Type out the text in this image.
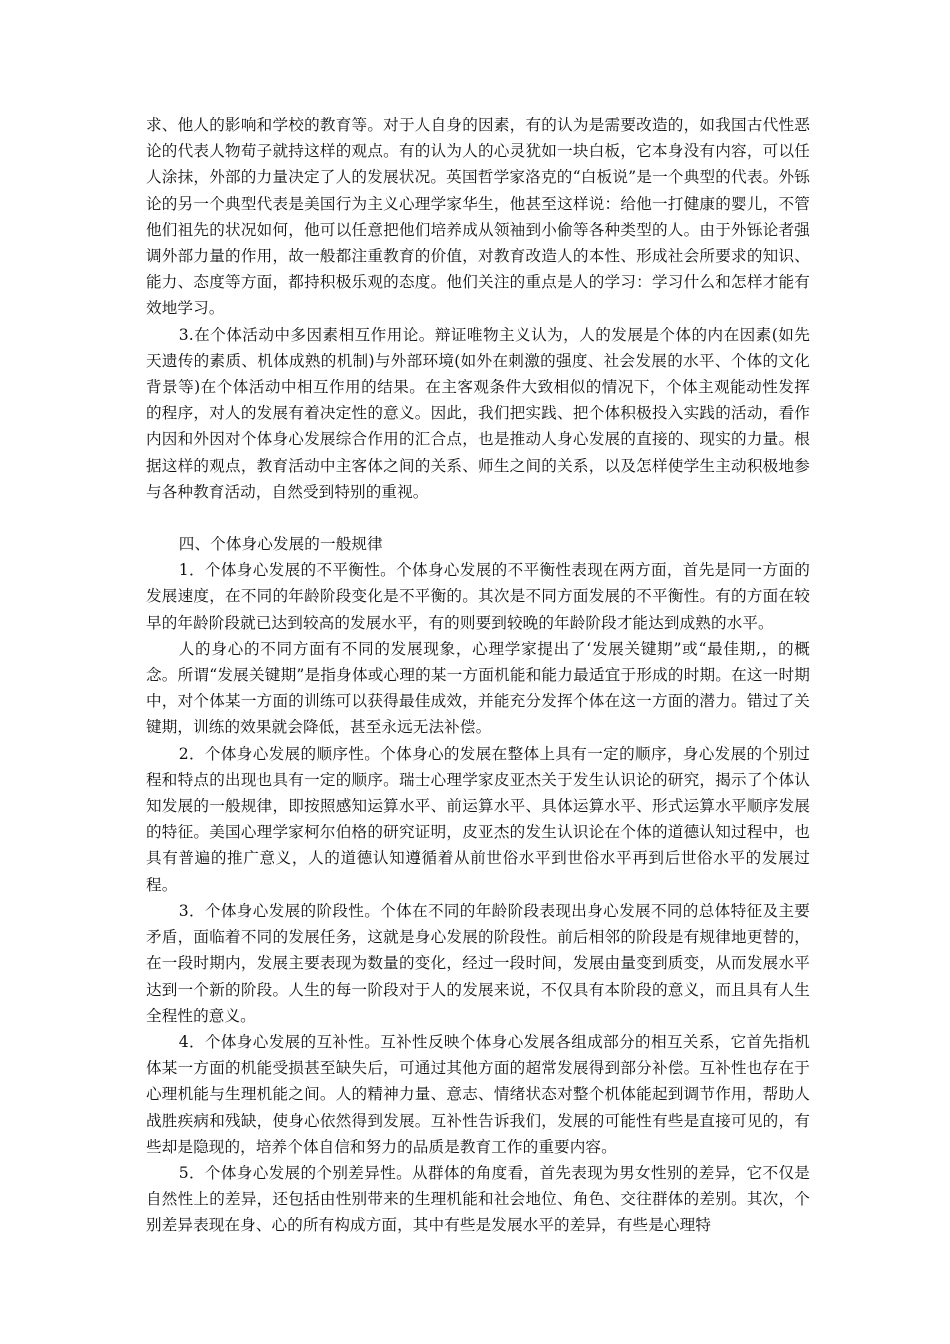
求、他人的影响和学校的教育等。对于人自身的因素，有的认为是需要改造的，如我国古代性恶论的代表人物荀子就持这样的观点。有的认为人的心灵犹如一块白板，它本身没有内容，可以任人涂抹，外部的力量决定了人的发展状况。英国哲学家洛克的“白板说”是一个典型的代表。外铄论的另一个典型代表是美国行为主义心理学家华生，他甚至这样说：给他一打健康的婴儿，不管他们祖先的状况如何，他可以任意把他们培养成从领袖到小偷等各种类型的人。由于外铄论者强调外部力量的作用，故一般都注重教育的价值，对教育改造人的本性、形成社会所要求的知识、能力、态度等方面，都持积极乐观的态度。他们关注的重点是人的学习：学习什么和怎样才能有效地学习。

3.在个体活动中多因素相互作用论。辩证唯物主义认为，人的发展是个体的内在因素(如先天遗传的素质、机体成熟的机制)与外部环境(如外在刺激的强度、社会发展的水平、个体的文化背景等)在个体活动中相互作用的结果。在主客观条件大致相似的情况下，个体主观能动性发挥的程序，对人的发展有着决定性的意义。因此，我们把实践、把个体积极投入实践的活动，看作内因和外因对个体身心发展综合作用的汇合点，也是推动人身心发展的直接的、现实的力量。根据这样的观点，教育活动中主客体之间的关系、师生之间的关系，以及怎样使学生主动积极地参与各种教育活动，自然受到特别的重视。

四、个体身心发展的一般规律

1．个体身心发展的不平衡性。个体身心发展的不平衡性表现在两方面，首先是同一方面的发展速度，在不同的年龄阶段变化是不平衡的。其次是不同方面发展的不平衡性。有的方面在较早的年龄阶段就已达到较高的发展水平，有的则要到较晚的年龄阶段才能达到成熟的水平。

人的身心的不同方面有不同的发展现象，心理学家提出了‘发展关键期”或“最佳期,，的概念。所谓“发展关键期”是指身体或心理的某一方面机能和能力最适宜于形成的时期。在这一时期中，对个体某一方面的训练可以获得最佳成效，并能充分发挥个体在这一方面的潜力。错过了关键期，训练的效果就会降低，甚至永远无法补偿。

2．个体身心发展的顺序性。个体身心的发展在整体上具有一定的顺序，身心发展的个别过程和特点的出现也具有一定的顺序。瑞士心理学家皮亚杰关于发生认识论的研究，揭示了个体认知发展的一般规律，即按照感知运算水平、前运算水平、具体运算水平、形式运算水平顺序发展的特征。美国心理学家柯尔伯格的研究证明，皮亚杰的发生认识论在个体的道德认知过程中，也具有普遍的推广意义，人的道德认知遵循着从前世俗水平到世俗水平再到后世俗水平的发展过程。

3．个体身心发展的阶段性。个体在不同的年龄阶段表现出身心发展不同的总体特征及主要矛盾，面临着不同的发展任务，这就是身心发展的阶段性。前后相邻的阶段是有规律地更替的，在一段时期内，发展主要表现为数量的变化，经过一段时间，发展由量变到质变，从而发展水平达到一个新的阶段。人生的每一阶段对于人的发展来说，不仅具有本阶段的意义，而且具有人生全程性的意义。

4．个体身心发展的互补性。互补性反映个体身心发展各组成部分的相互关系，它首先指机体某一方面的机能受损甚至缺失后，可通过其他方面的超常发展得到部分补偿。互补性也存在于心理机能与生理机能之间。人的精神力量、意志、情绪状态对整个机体能起到调节作用，帮助人战胜疾病和残缺，使身心依然得到发展。互补性告诉我们，发展的可能性有些是直接可见的，有些却是隐现的，培养个体自信和努力的品质是教育工作的重要内容。

5．个体身心发展的个别差异性。从群体的角度看，首先表现为男女性别的差异，它不仅是自然性上的差异，还包括由性别带来的生理机能和社会地位、角色、交往群体的差别。其次，个别差异表现在身、心的所有构成方面，其中有些是发展水平的差异，有些是心理特
